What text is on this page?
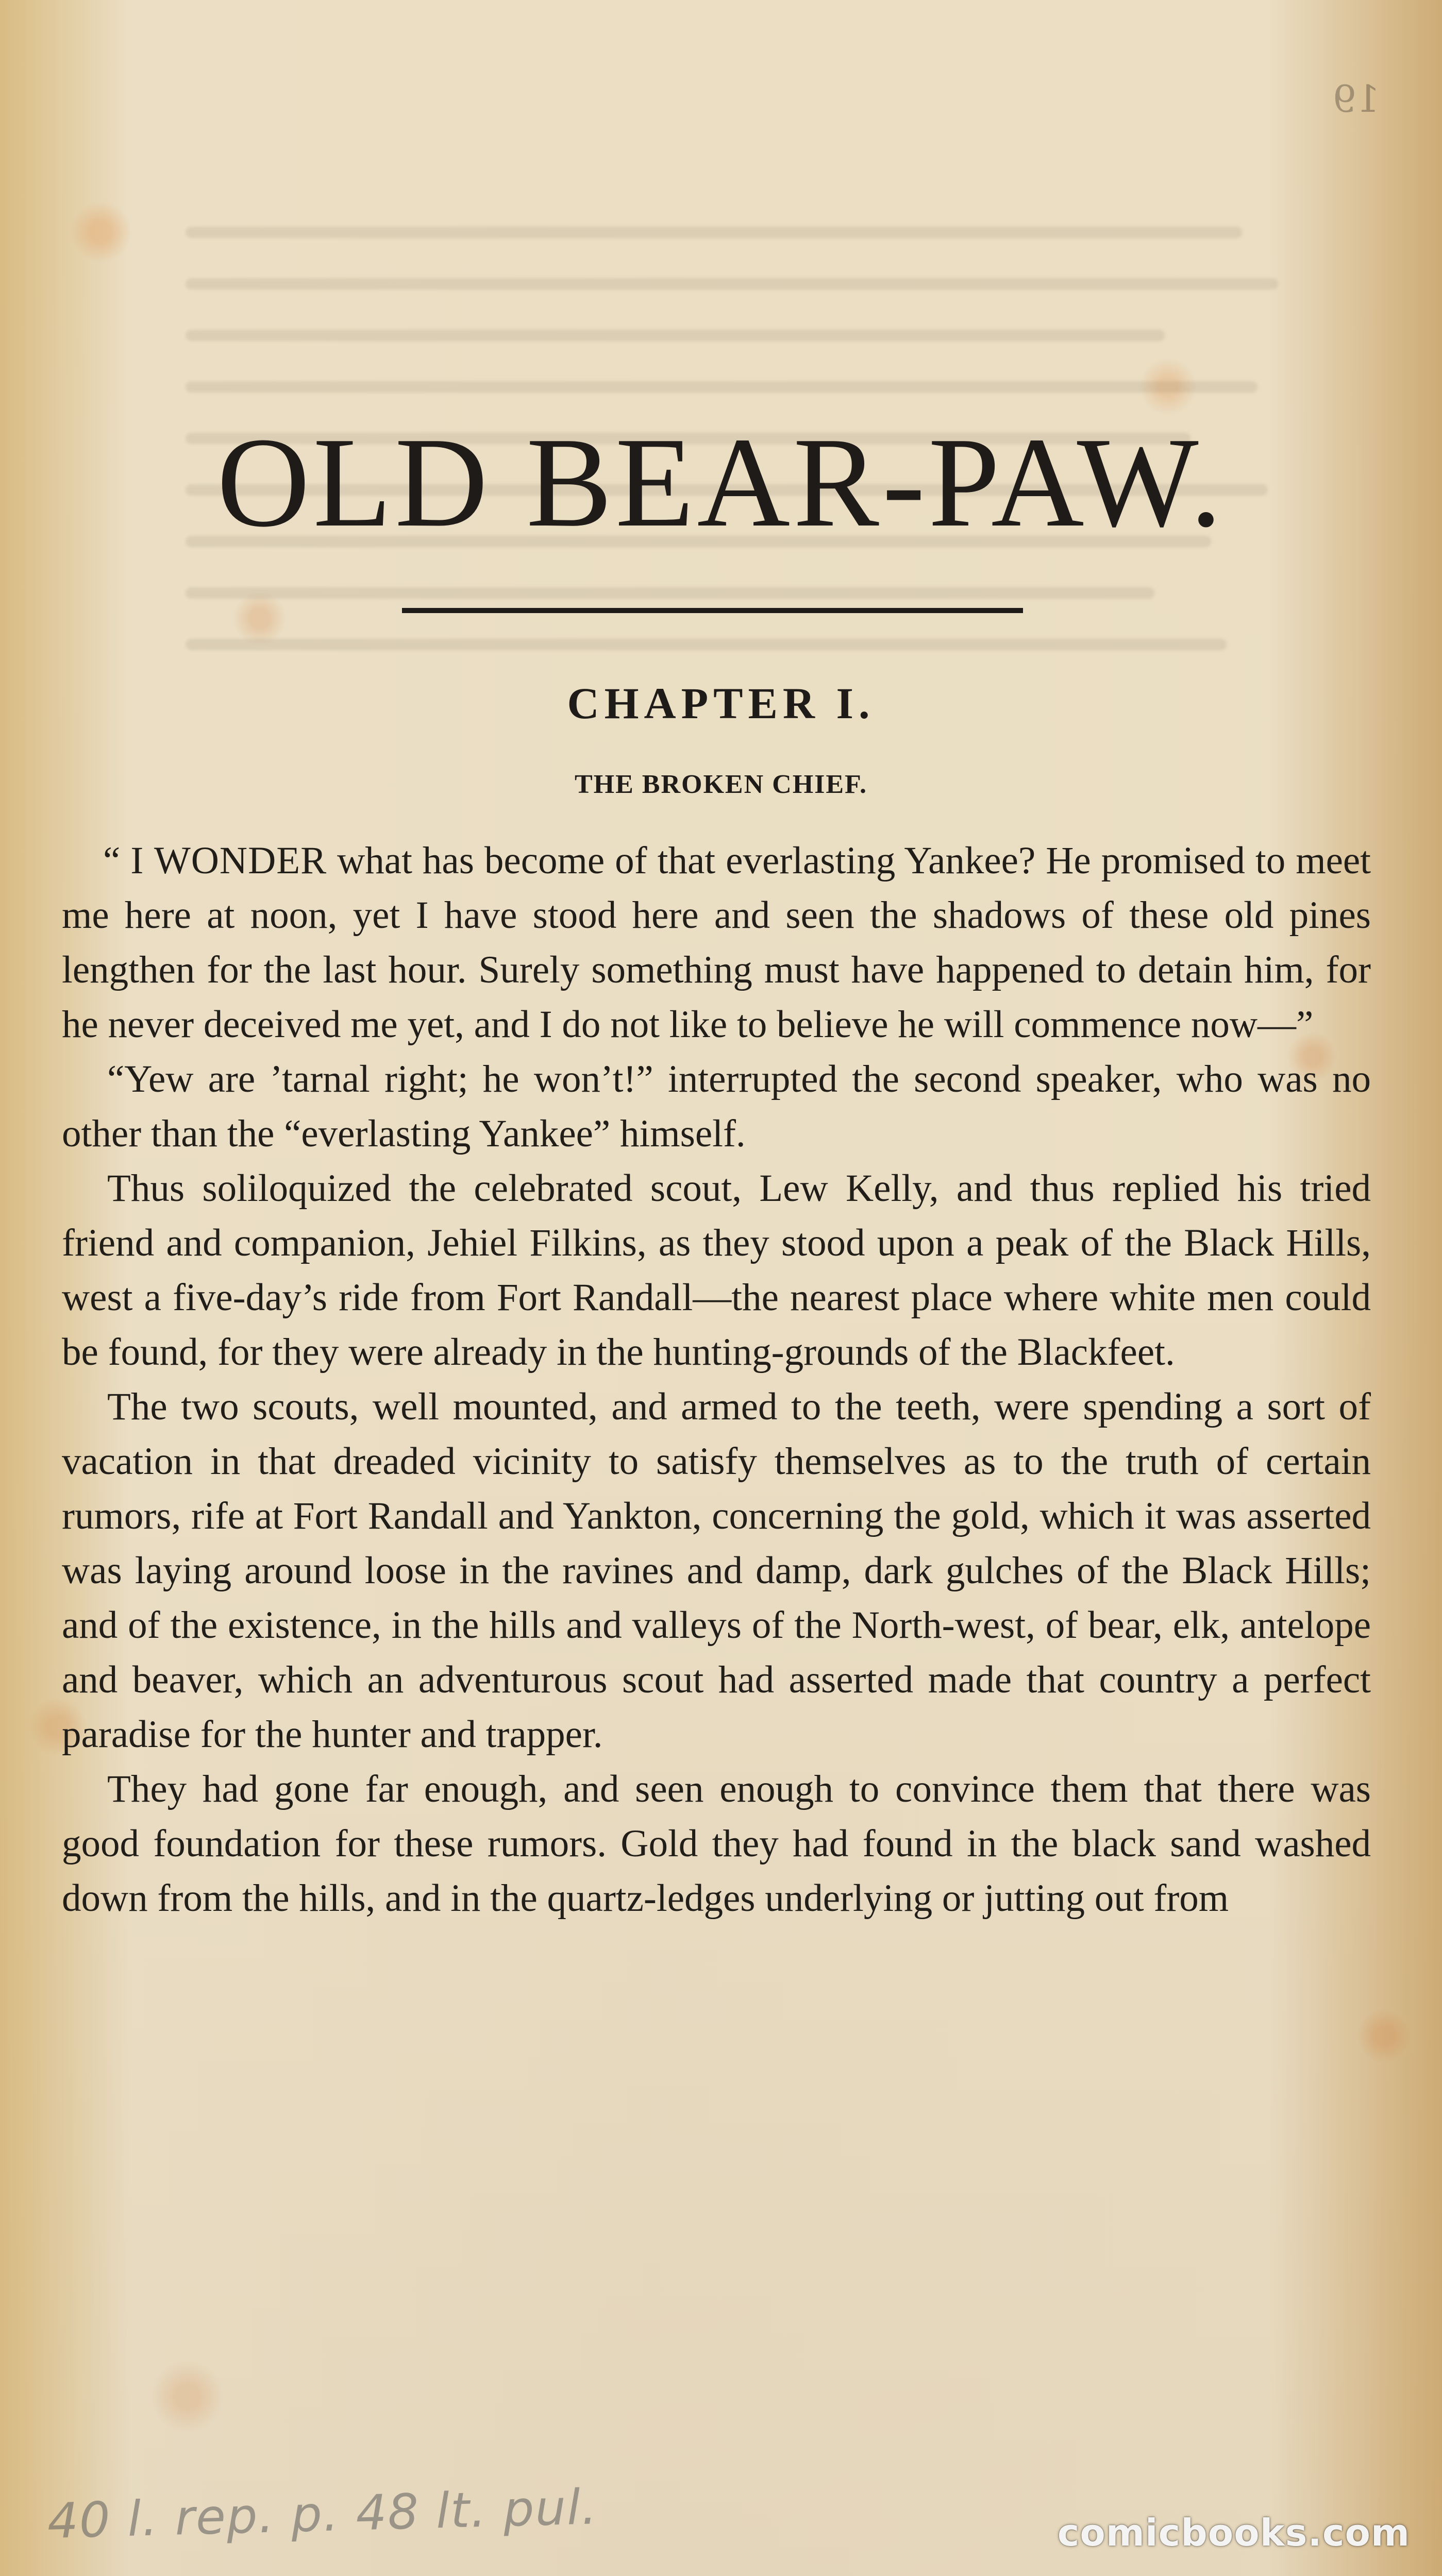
19
OLD BEAR-PAW.
CHAPTER I.
THE BROKEN CHIEF.

“ I WONDER what has become of that everlasting Yankee? He promised to meet me here at noon, yet I have stood here and seen the shadows of these old pines lengthen for the last hour. Surely something must have happened to detain him, for he never deceived me yet, and I do not like to believe he will commence now—”

“Yew are ’tarnal right; he won’t!” interrupted the second speaker, who was no other than the “everlasting Yankee” himself.

Thus soliloquized the celebrated scout, Lew Kelly, and thus replied his tried friend and companion, Jehiel Filkins, as they stood upon a peak of the Black Hills, west a five-day’s ride from Fort Randall—the nearest place where white men could be found, for they were already in the hunting-grounds of the Blackfeet.

The two scouts, well mounted, and armed to the teeth, were spending a sort of vacation in that dreaded vicinity to satisfy themselves as to the truth of certain rumors, rife at Fort Randall and Yankton, concerning the gold, which it was asserted was laying around loose in the ravines and damp, dark gulches of the Black Hills; and of the existence, in the hills and valleys of the North-west, of bear, elk, antelope and beaver, which an adventurous scout had asserted made that country a perfect paradise for the hunter and trapper.

They had gone far enough, and seen enough to convince them that there was good foundation for these rumors. Gold they had found in the black sand washed down from the hills, and in the quartz-ledges underlying or jutting out from

40 l. rep. p. 48 lt. pul.	comicbooks.com
